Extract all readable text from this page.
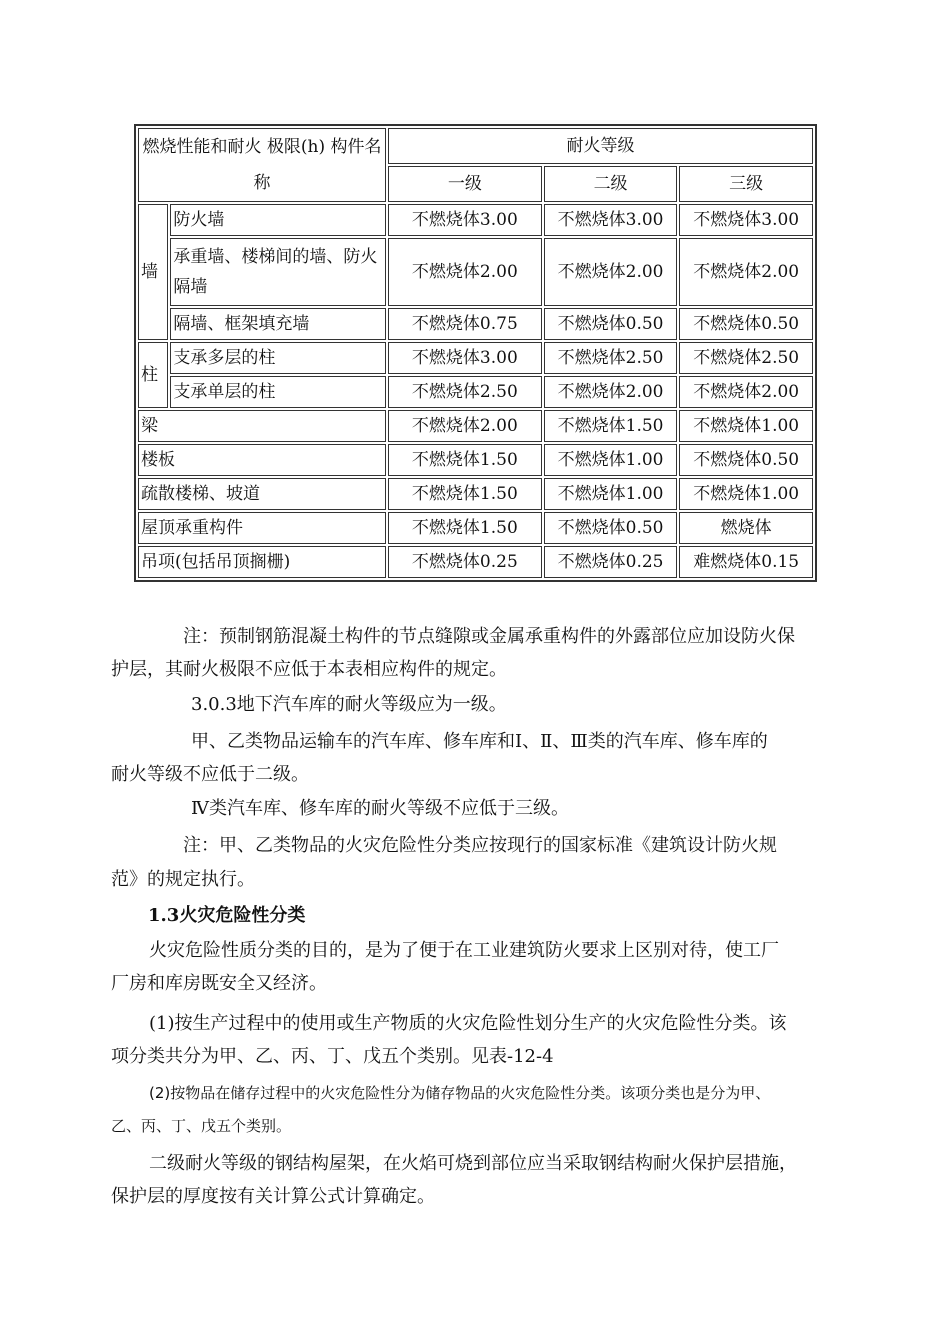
燃烧性能和耐火 极限(h) 构件名称		耐火等级		
		一级	二级	三级
墙	防火墙	不燃烧体3.00	不燃烧体3.00	不燃烧体3.00
	承重墙、楼梯间的墙、防火隔墙	不燃烧体2.00	不燃烧体2.00	不燃烧体2.00
	隔墙、框架填充墙	不燃烧体0.75	不燃烧体0.50	不燃烧体0.50
柱	支承多层的柱	不燃烧体3.00	不燃烧体2.50	不燃烧体2.50
	支承单层的柱	不燃烧体2.50	不燃烧体2.00	不燃烧体2.00
梁		不燃烧体2.00	不燃烧体1.50	不燃烧体1.00
楼板		不燃烧体1.50	不燃烧体1.00	不燃烧体0.50
疏散楼梯、坡道		不燃烧体1.50	不燃烧体1.00	不燃烧体1.00
屋顶承重构件		不燃烧体1.50	不燃烧体0.50	燃烧体
吊项(包括吊顶搁栅)		不燃烧体0.25	不燃烧体0.25	难燃烧体0.15

注：预制钢筋混凝土构件的节点缝隙或金属承重构件的外露部位应加设防火保

护层，其耐火极限不应低于本表相应构件的规定。

3.0.3地下汽车库的耐火等级应为一级。

甲、乙类物品运输车的汽车库、修车库和Ⅰ、Ⅱ、Ⅲ类的汽车库、修车库的

耐火等级不应低于二级。

Ⅳ类汽车库、修车库的耐火等级不应低于三级。

注：甲、乙类物品的火灾危险性分类应按现行的国家标准《建筑设计防火规

范》的规定执行。

1.3火灾危险性分类

火灾危险性质分类的目的，是为了便于在工业建筑防火要求上区别对待，使工厂

厂房和库房既安全又经济。

(1)按生产过程中的使用或生产物质的火灾危险性划分生产的火灾危险性分类。该

项分类共分为甲、乙、丙、丁、戊五个类别。见表-12-4

(2)按物品在储存过程中的火灾危险性分为储存物品的火灾危险性分类。该项分类也是分为甲、

乙、丙、丁、戊五个类别。

二级耐火等级的钢结构屋架，在火焰可烧到部位应当采取钢结构耐火保护层措施，

保护层的厚度按有关计算公式计算确定。
